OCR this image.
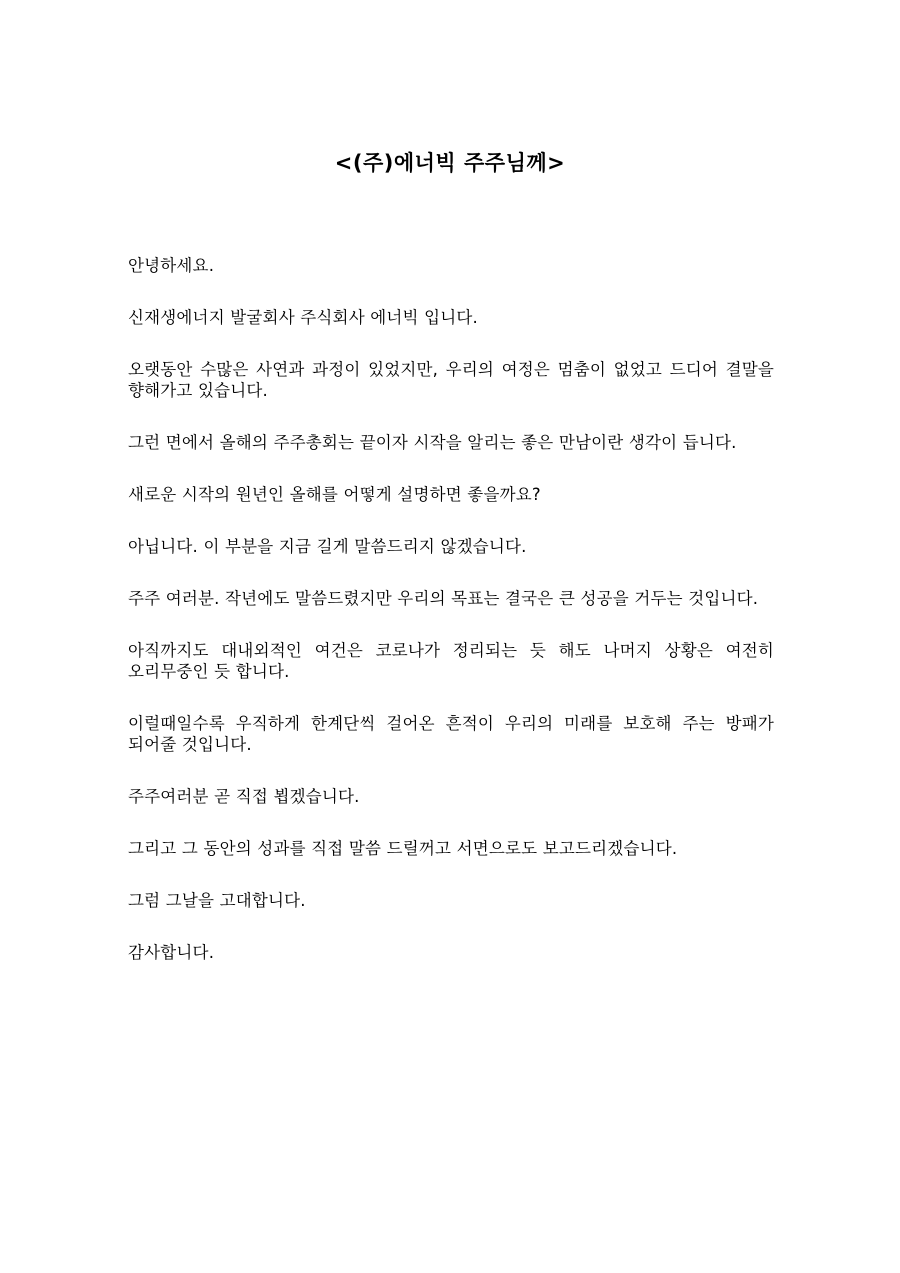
<(주)에너빅 주주님께>

안녕하세요.

신재생에너지 발굴회사 주식회사 에너빅 입니다.

오랫동안 수많은 사연과 과정이 있었지만, 우리의 여정은 멈춤이 없었고 드디어 결말을 향해가고 있습니다.

그런 면에서 올해의 주주총회는 끝이자 시작을 알리는 좋은 만남이란 생각이 듭니다.

새로운 시작의 원년인 올해를 어떻게 설명하면 좋을까요?

아닙니다. 이 부분을 지금 길게 말씀드리지 않겠습니다.

주주 여러분. 작년에도 말씀드렸지만 우리의 목표는 결국은 큰 성공을 거두는 것입니다.

아직까지도 대내외적인 여건은 코로나가 정리되는 듯 해도 나머지 상황은 여전히 오리무중인 듯 합니다.

이럴때일수록 우직하게 한계단씩 걸어온 흔적이 우리의 미래를 보호해 주는 방패가 되어줄 것입니다.

주주여러분 곧 직접 뵙겠습니다.

그리고 그 동안의 성과를 직접 말씀 드릴꺼고 서면으로도 보고드리겠습니다.

그럼 그날을 고대합니다.

감사합니다.
